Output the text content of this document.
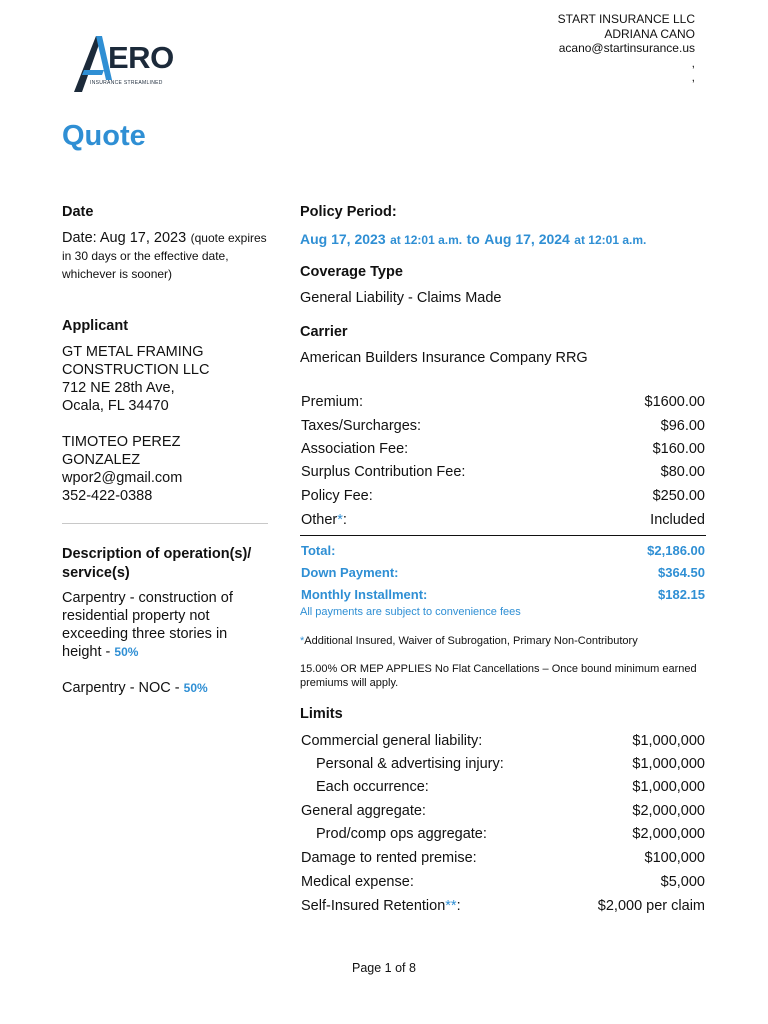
START INSURANCE LLC
ADRIANA CANO
acano@startinsurance.us
,
,
ERO
INSURANCE STREAMLINED
Quote
Date
Date: Aug 17, 2023 (quote expires in 30 days or the effective date, whichever is sooner)
Applicant
GT METAL FRAMING
CONSTRUCTION LLC
712 NE 28th Ave,
Ocala, FL 34470
TIMOTEO PEREZ
GONZALEZ
wpor2@gmail.com
352-422-0388
Description of operation(s)/ service(s)
Carpentry - construction of residential property not exceeding three stories in height - 50%
Carpentry - NOC - 50%
Policy Period:
Aug 17, 2023 at 12:01 a.m. to Aug 17, 2024 at 12:01 a.m.
Coverage Type
General Liability - Claims Made
Carrier
American Builders Insurance Company RRG
Premium:	$1600.00
Taxes/Surcharges:	$96.00
Association Fee:	$160.00
Surplus Contribution Fee:	$80.00
Policy Fee:	$250.00
Other*:	Included
Total:	$2,186.00
Down Payment:	$364.50
Monthly Installment:	$182.15
All payments are subject to convenience fees
*Additional Insured, Waiver of Subrogation, Primary Non-Contributory
15.00% OR MEP APPLIES No Flat Cancellations – Once bound minimum earned premiums will apply.
Limits
Commercial general liability:	$1,000,000
Personal & advertising injury:	$1,000,000
Each occurrence:	$1,000,000
General aggregate:	$2,000,000
Prod/comp ops aggregate:	$2,000,000
Damage to rented premise:	$100,000
Medical expense:	$5,000
Self-Insured Retention**:	$2,000 per claim
Page 1 of 8
